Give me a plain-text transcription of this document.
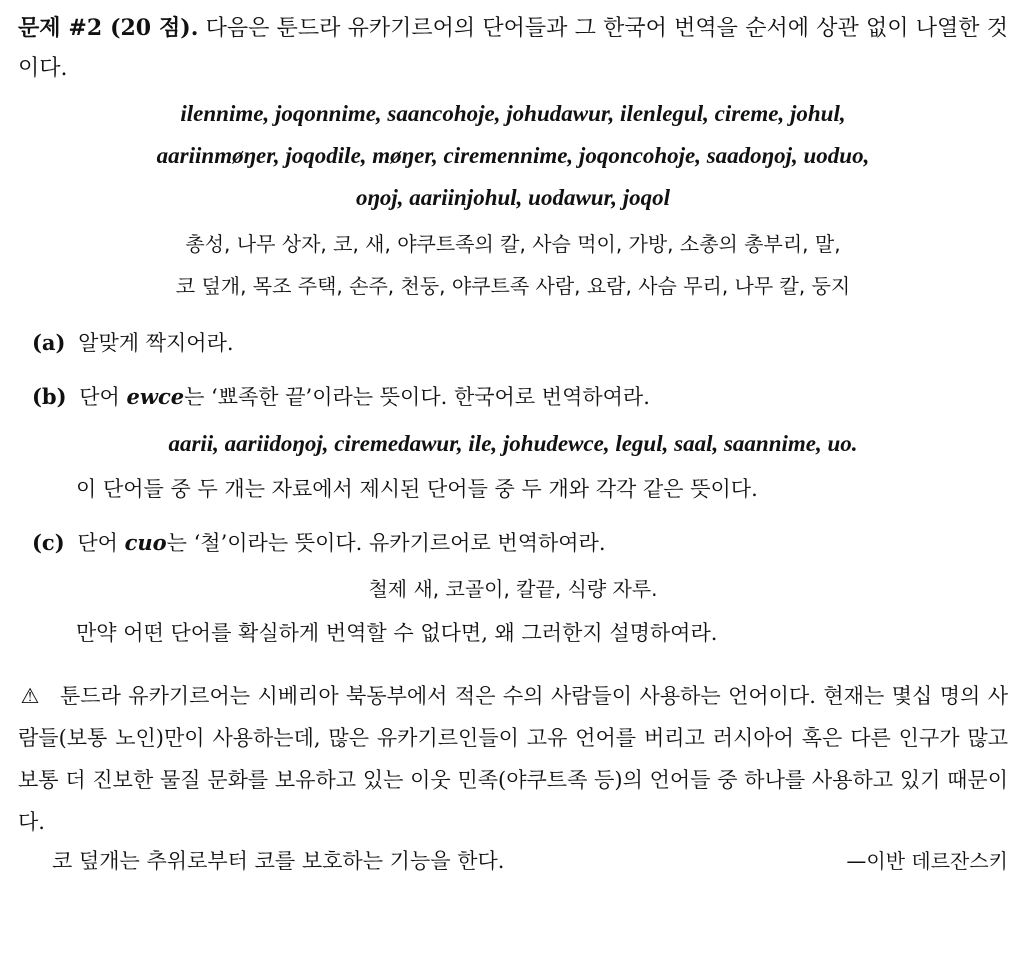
문제 #2 (20 점). 다음은 툰드라 유카기르어의 단어들과 그 한국어 번역을 순서에 상관 없이 나열한 것이다.

ilennime, joqonnime, saancohoje, johudawur, ilenlegul, cireme, johul,
aariinmøŋer, joqodile, møŋer, ciremennime, joqoncohoje, saadoŋoj, uoduo,
oŋoj, aariinjohul, uodawur, joqol
총성, 나무 상자, 코, 새, 야쿠트족의 칼, 사슴 먹이, 가방, 소총의 총부리, 말,
코 덮개, 목조 주택, 손주, 천둥, 야쿠트족 사람, 요람, 사슴 무리, 나무 칼, 둥지
(a) 알맞게 짝지어라.
(b) 단어 ewce는 ‘뾰족한 끝’이라는 뜻이다. 한국어로 번역하여라.
aarii, aariidoŋoj, ciremedawur, ile, johudewce, legul, saal, saannime, uo.
이 단어들 중 두 개는 자료에서 제시된 단어들 중 두 개와 각각 같은 뜻이다.
(c) 단어 cuo는 ‘철’이라는 뜻이다. 유카기르어로 번역하여라.
철제 새, 코골이, 칼끝, 식량 자루.
만약 어떤 단어를 확실하게 번역할 수 없다면, 왜 그러한지 설명하여라.
⚠ 툰드라 유카기르어는 시베리아 북동부에서 적은 수의 사람들이 사용하는 언어이다. 현재는 몇십 명의 사람들(보통 노인)만이 사용하는데, 많은 유카기르인들이 고유 언어를 버리고 러시아어 혹은 다른 인구가 많고 보통 더 진보한 물질 문화를 보유하고 있는 이웃 민족(야쿠트족 등)의 언어들 중 하나를 사용하고 있기 때문이다.
코 덮개는 추위로부터 코를 보호하는 기능을 한다.	—이반 데르잔스키
